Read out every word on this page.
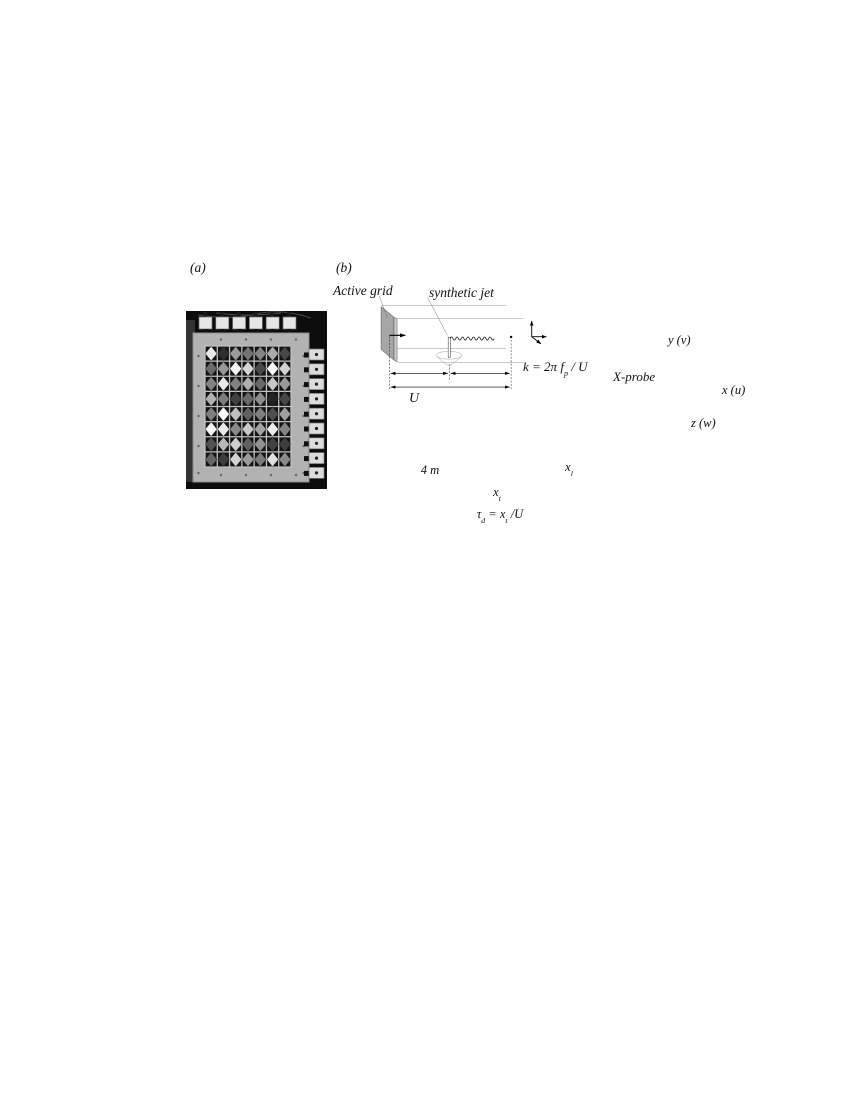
(a)	(b)
Active grid	synthetic jet
U
k = 2π $f_p$ / U
X-probe
y (v)
x (u)
z (w)
4 m	$x_l$
$x_t$
$\tau_d = x_t$ /U
